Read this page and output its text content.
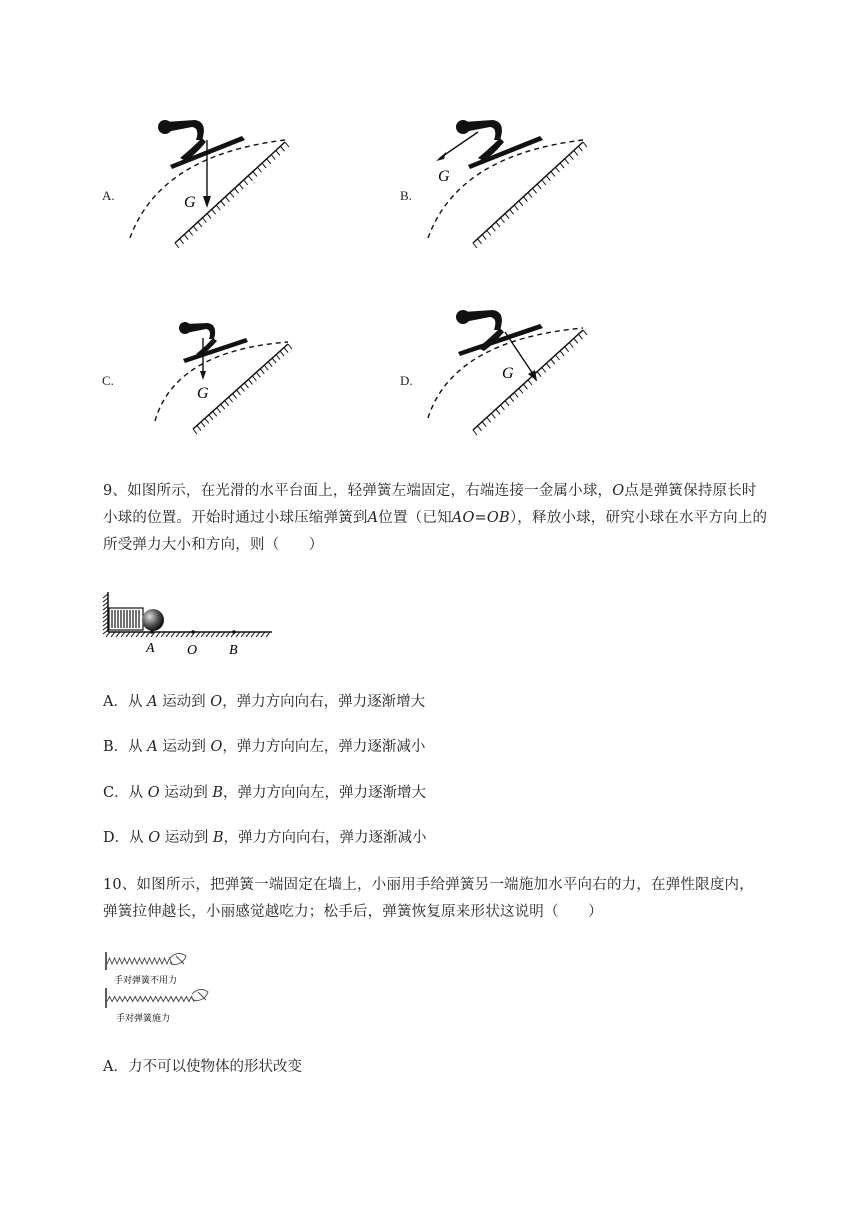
A.	B.
C.	D.
G
G
G
G
9、如图所示，在光滑的水平台面上，轻弹簧左端固定，右端连接一金属小球，O点是弹簧保持原长时
小球的位置。开始时通过小球压缩弹簧到A位置（已知AO=OB），释放小球，研究小球在水平方向上的
所受弹力大小和方向，则（　　）
A O B
A．从 A 运动到 O，弹力方向向右，弹力逐渐增大
B．从 A 运动到 O，弹力方向向左，弹力逐渐减小
C．从 O 运动到 B，弹力方向向左，弹力逐渐增大
D．从 O 运动到 B，弹力方向向右，弹力逐渐减小
10、如图所示，把弹簧一端固定在墙上，小丽用手给弹簧另一端施加水平向右的力，在弹性限度内，
弹簧拉伸越长，小丽感觉越吃力；松手后，弹簧恢复原来形状这说明（　　）
手对弹簧不用力
手对弹簧施力
A．力不可以使物体的形状改变
